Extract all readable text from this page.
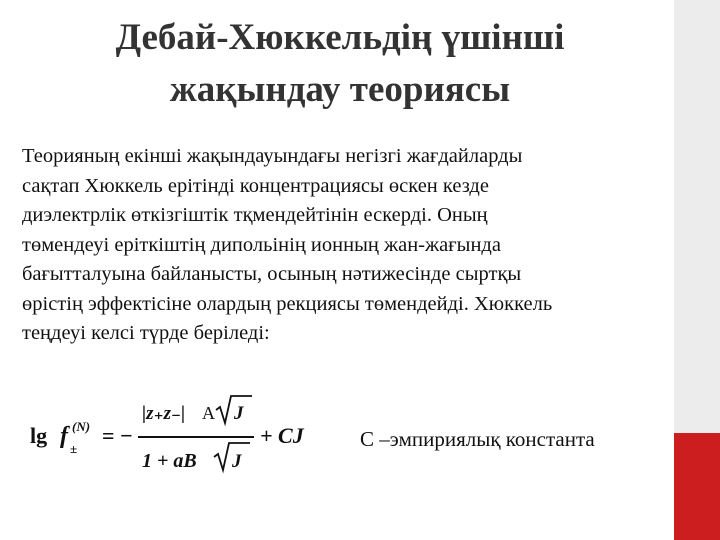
Дебай-Хюккельдің үшінші
жақындау теориясы

Теорияның екінші жақындауындағы негізгі жағдайларды
сақтап Хюккель ерітінді концентрациясы өскен кезде
диэлектрлік өткізгіштік тқмендейтінін ескерді. Оның
төмендеуі еріткіштің дипольінің ионның жан-жағында
бағытталуына байланысты, осының нәтижесінде сыртқы
өрістің эффектісіне олардың рекциясы төмендейді. Хюккель
теңдеуі келсі түрде беріледі:

lg f (N)
±
= −
|z₊z₋| A J
1 + aB J
+ CJ	С –эмпириялық константа
